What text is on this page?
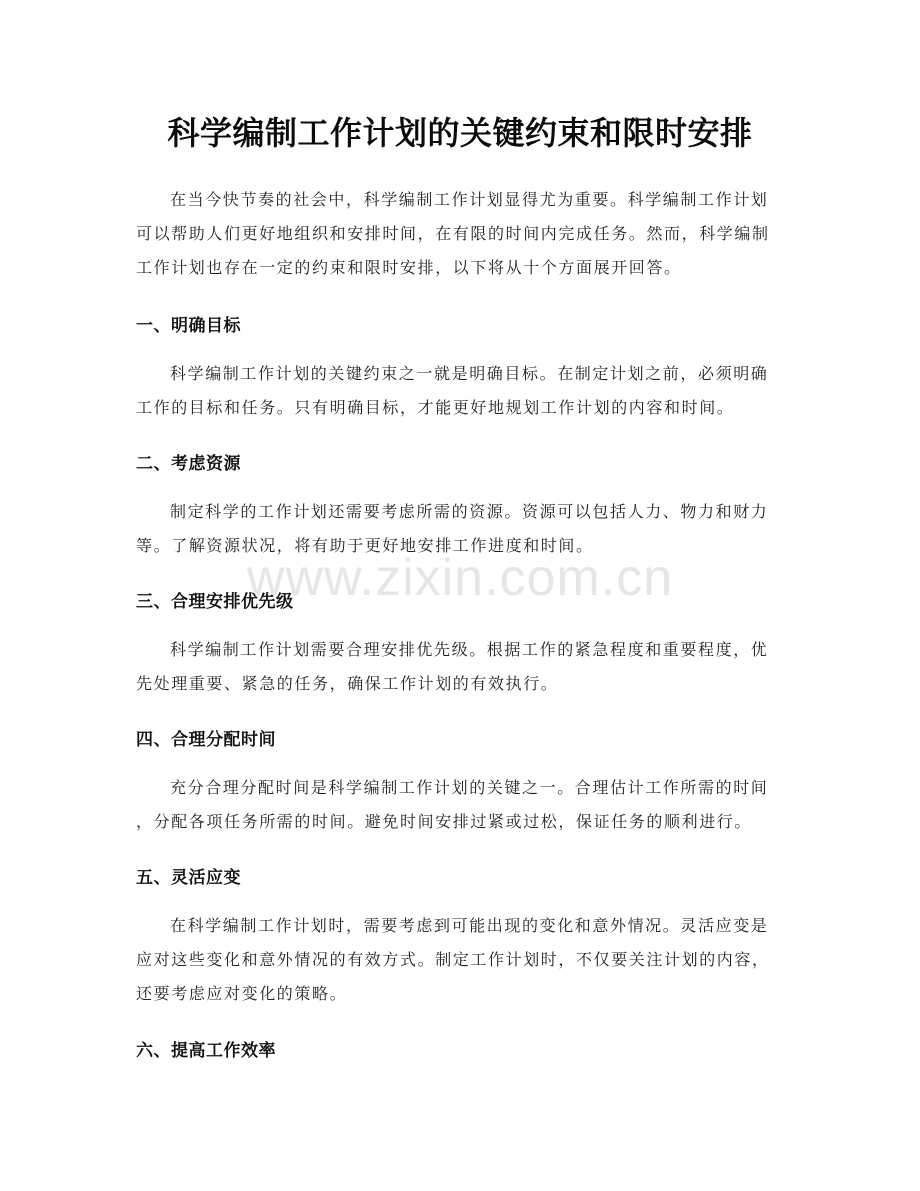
科学编制工作计划的关键约束和限时安排
在当今快节奏的社会中，科学编制工作计划显得尤为重要。科学编制工作计划
可以帮助人们更好地组织和安排时间，在有限的时间内完成任务。然而，科学编制
工作计划也存在一定的约束和限时安排，以下将从十个方面展开回答。
一、明确目标
科学编制工作计划的关键约束之一就是明确目标。在制定计划之前，必须明确
工作的目标和任务。只有明确目标，才能更好地规划工作计划的内容和时间。
二、考虑资源
制定科学的工作计划还需要考虑所需的资源。资源可以包括人力、物力和财力
等。了解资源状况，将有助于更好地安排工作进度和时间。
三、合理安排优先级
科学编制工作计划需要合理安排优先级。根据工作的紧急程度和重要程度，优
先处理重要、紧急的任务，确保工作计划的有效执行。
四、合理分配时间
充分合理分配时间是科学编制工作计划的关键之一。合理估计工作所需的时间
，分配各项任务所需的时间。避免时间安排过紧或过松，保证任务的顺利进行。
五、灵活应变
在科学编制工作计划时，需要考虑到可能出现的变化和意外情况。灵活应变是
应对这些变化和意外情况的有效方式。制定工作计划时，不仅要关注计划的内容，
还要考虑应对变化的策略。
六、提高工作效率
www.zixin.com.cn
